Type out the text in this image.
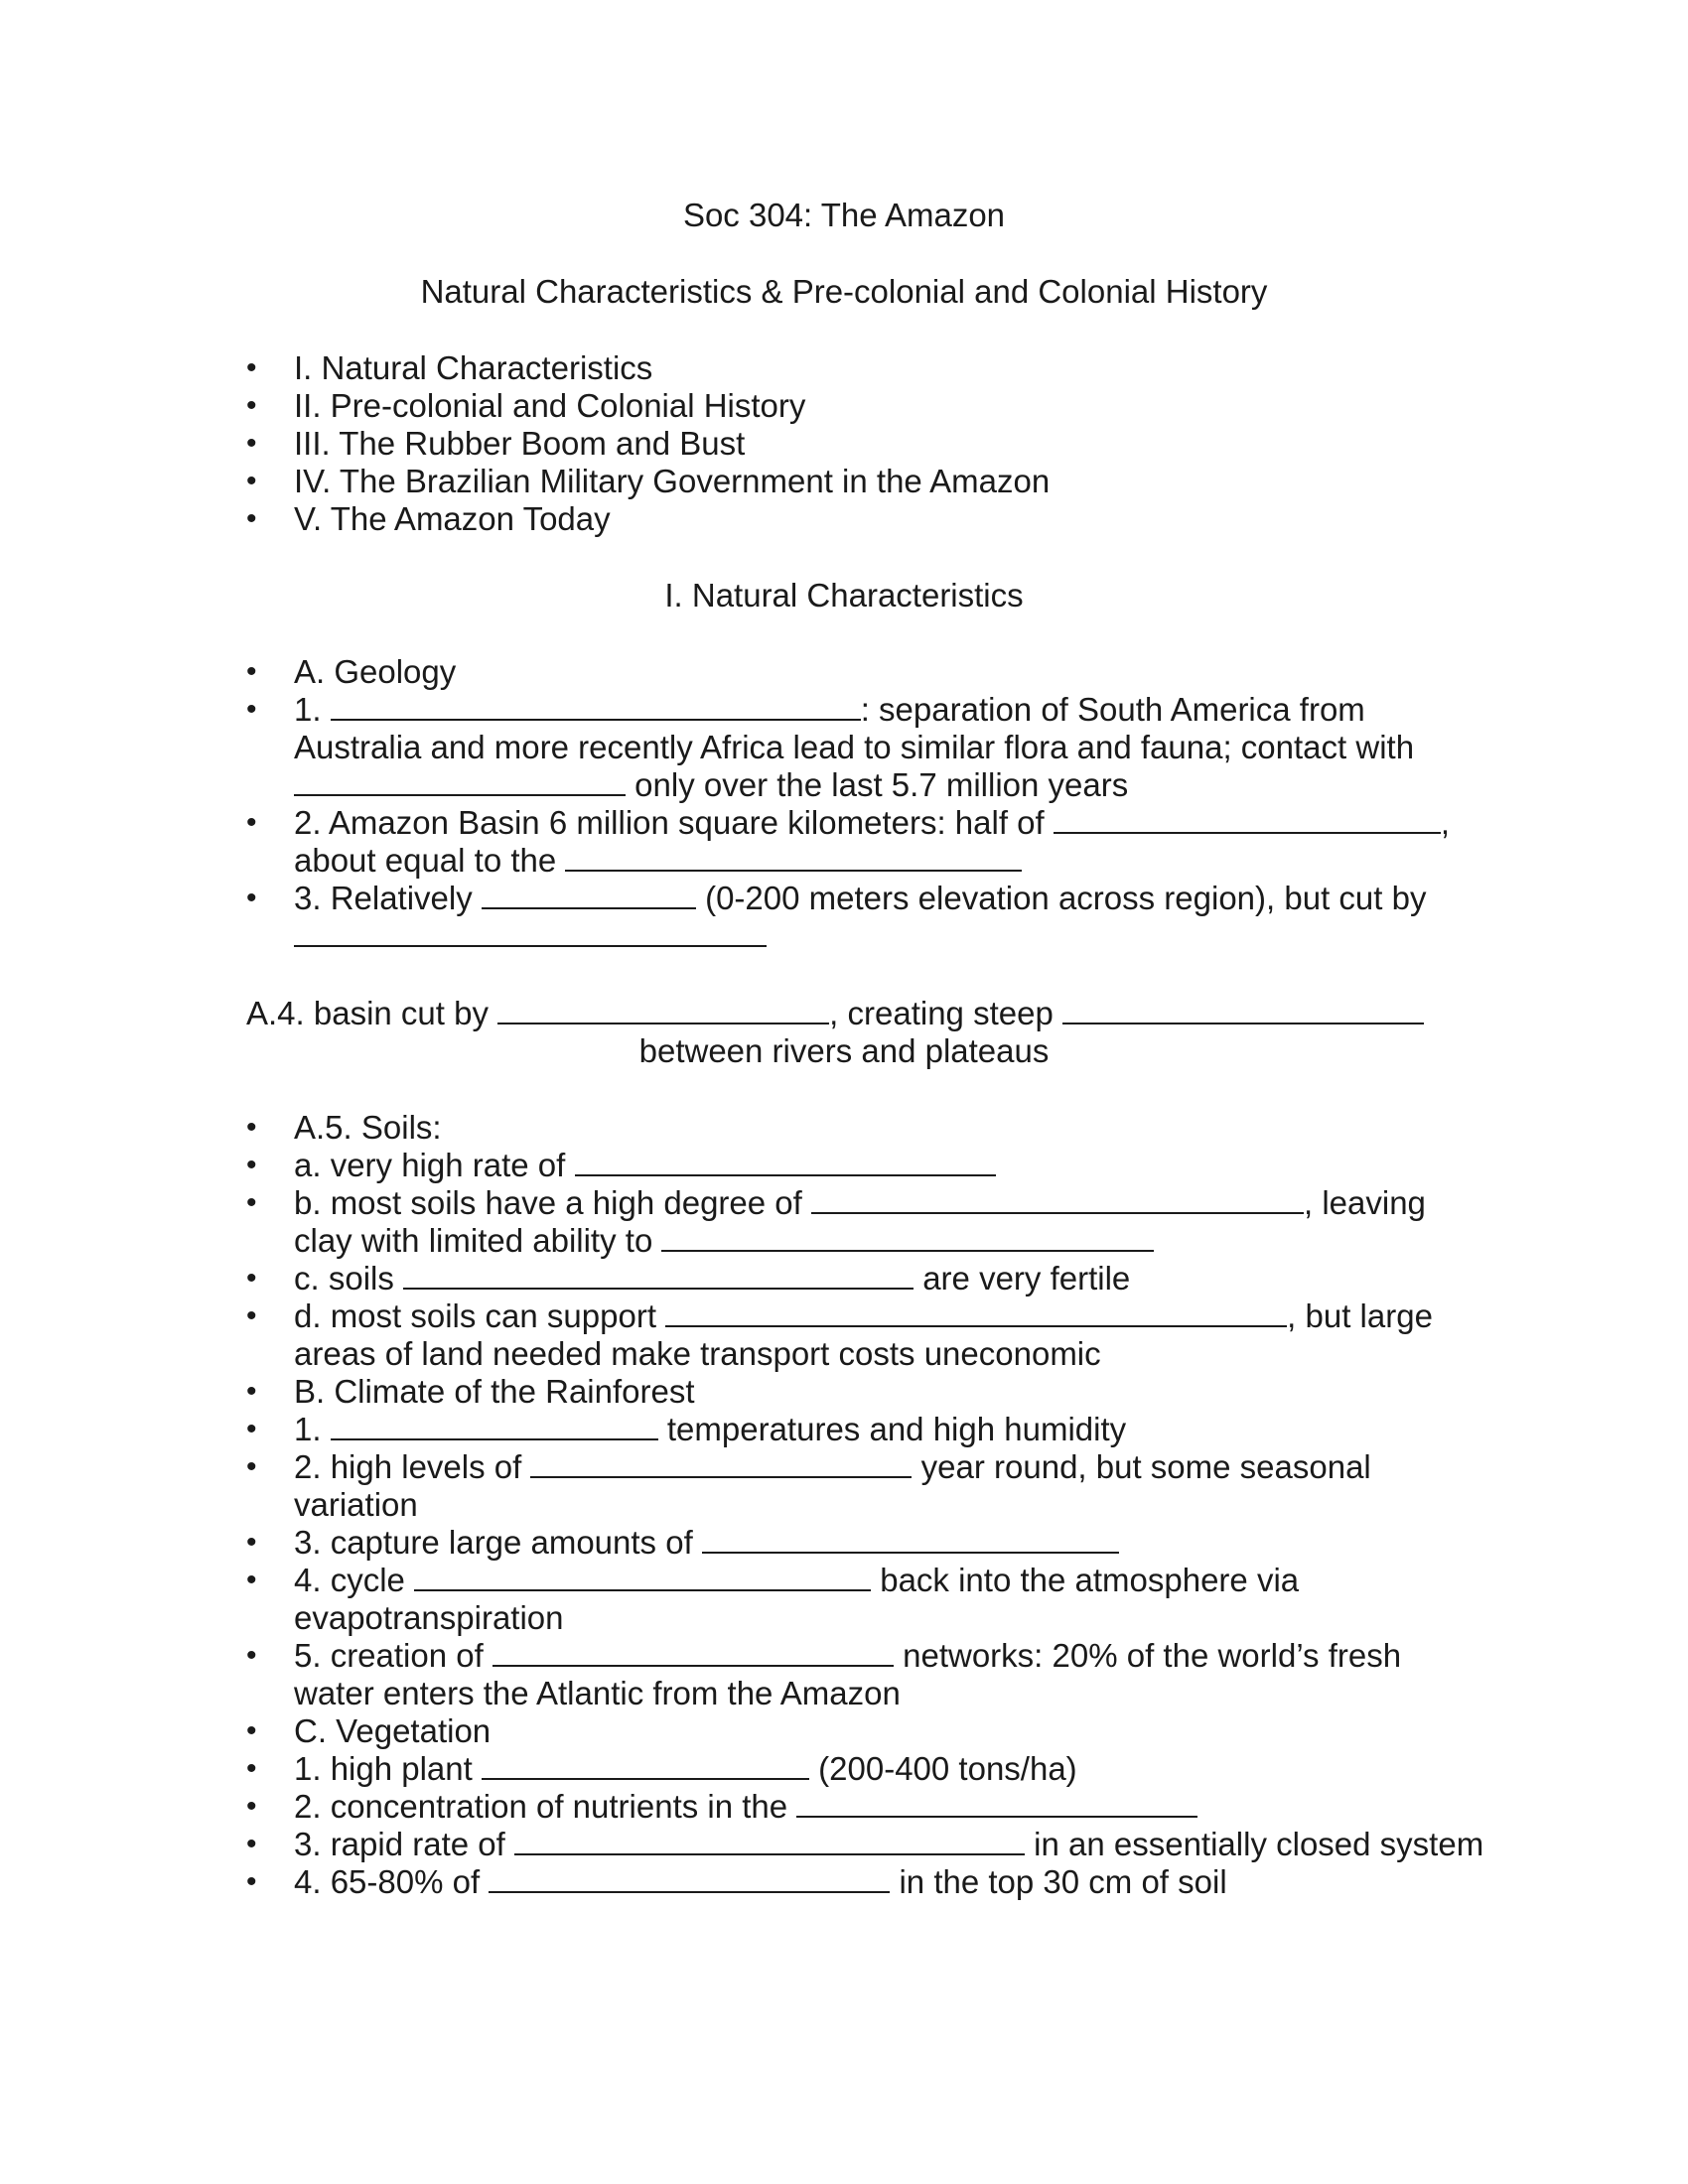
Soc 304: The Amazon
Natural Characteristics & Pre-colonial and Colonial History
• I. Natural Characteristics
• II. Pre-colonial and Colonial History
• III. The Rubber Boom and Bust
• IV. The Brazilian Military Government in the Amazon
• V. The Amazon Today
I. Natural Characteristics
• A. Geology
• 1.	: separation of South America from Australia and more recently Africa lead to similar flora and fauna; contact with  only over the last 5.7 million years
• 2. Amazon Basin 6 million square kilometers: half of	, about equal to the
• 3. Relatively	(0-200 meters elevation across region), but cut by
A.4. basin cut by	, creating steep
between rivers and plateaus
• A.5. Soils:
• a. very high rate of
• b. most soils have a high degree of	, leaving clay with limited ability to
• c. soils	are very fertile
• d. most soils can support	, but large areas of land needed make transport costs uneconomic
• B. Climate of the Rainforest
• 1.	temperatures and high humidity
• 2. high levels of	year round, but some seasonal variation
• 3. capture large amounts of
• 4. cycle	back into the atmosphere via evapotranspiration
• 5. creation of	networks: 20% of the world’s fresh water enters the Atlantic from the Amazon
• C. Vegetation
• 1. high plant	(200-400 tons/ha)
• 2. concentration of nutrients in the
• 3. rapid rate of	in an essentially closed system
• 4. 65-80% of	in the top 30 cm of soil
